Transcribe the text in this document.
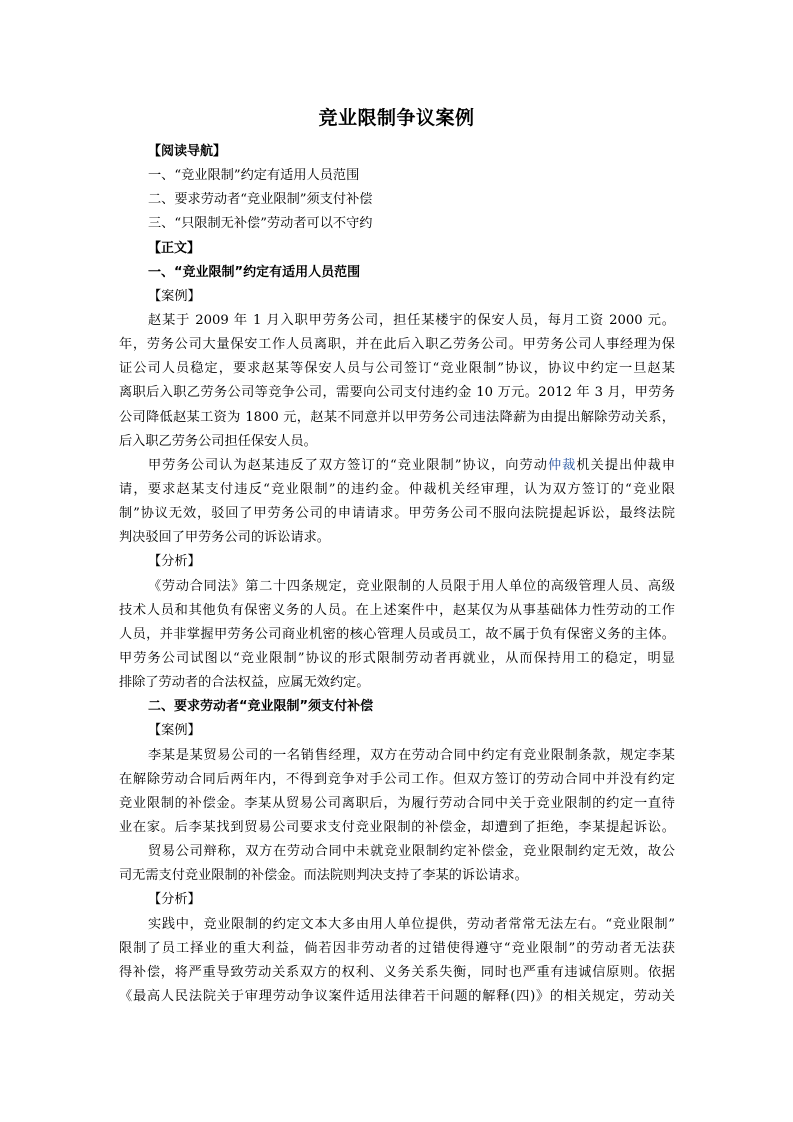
竞业限制争议案例
【阅读导航】
一、“竞业限制”约定有适用人员范围
二、要求劳动者“竞业限制”须支付补偿
三、“只限制无补偿”劳动者可以不守约
【正文】
一、“竞业限制”约定有适用人员范围
【案例】
赵某于 2009 年 1 月入职甲劳务公司，担任某楼宇的保安人员，每月工资 2000 元。
年，劳务公司大量保安工作人员离职，并在此后入职乙劳务公司。甲劳务公司人事经理为保
证公司人员稳定，要求赵某等保安人员与公司签订“竞业限制”协议，协议中约定一旦赵某
离职后入职乙劳务公司等竞争公司，需要向公司支付违约金 10 万元。2012 年 3 月，甲劳务
公司降低赵某工资为 1800 元，赵某不同意并以甲劳务公司违法降薪为由提出解除劳动关系，
后入职乙劳务公司担任保安人员。
甲劳务公司认为赵某违反了双方签订的“竞业限制”协议，向劳动仲裁机关提出仲裁申
请，要求赵某支付违反“竞业限制”的违约金。仲裁机关经审理，认为双方签订的“竞业限
制”协议无效，驳回了甲劳务公司的申请请求。甲劳务公司不服向法院提起诉讼，最终法院
判决驳回了甲劳务公司的诉讼请求。
【分析】
《劳动合同法》第二十四条规定，竞业限制的人员限于用人单位的高级管理人员、高级
技术人员和其他负有保密义务的人员。在上述案件中，赵某仅为从事基础体力性劳动的工作
人员，并非掌握甲劳务公司商业机密的核心管理人员或员工，故不属于负有保密义务的主体。
甲劳务公司试图以“竞业限制”协议的形式限制劳动者再就业，从而保持用工的稳定，明显
排除了劳动者的合法权益，应属无效约定。
二、要求劳动者“竞业限制”须支付补偿
【案例】
李某是某贸易公司的一名销售经理，双方在劳动合同中约定有竞业限制条款，规定李某
在解除劳动合同后两年内，不得到竞争对手公司工作。但双方签订的劳动合同中并没有约定
竞业限制的补偿金。李某从贸易公司离职后，为履行劳动合同中关于竞业限制的约定一直待
业在家。后李某找到贸易公司要求支付竞业限制的补偿金，却遭到了拒绝，李某提起诉讼。
贸易公司辩称，双方在劳动合同中未就竞业限制约定补偿金，竞业限制约定无效，故公
司无需支付竞业限制的补偿金。而法院则判决支持了李某的诉讼请求。
【分析】
实践中，竞业限制的约定文本大多由用人单位提供，劳动者常常无法左右。“竞业限制”
限制了员工择业的重大利益，倘若因非劳动者的过错使得遵守“竞业限制”的劳动者无法获
得补偿，将严重导致劳动关系双方的权利、义务关系失衡，同时也严重有违诚信原则。依据
《最高人民法院关于审理劳动争议案件适用法律若干问题的解释(四)》的相关规定，劳动关
